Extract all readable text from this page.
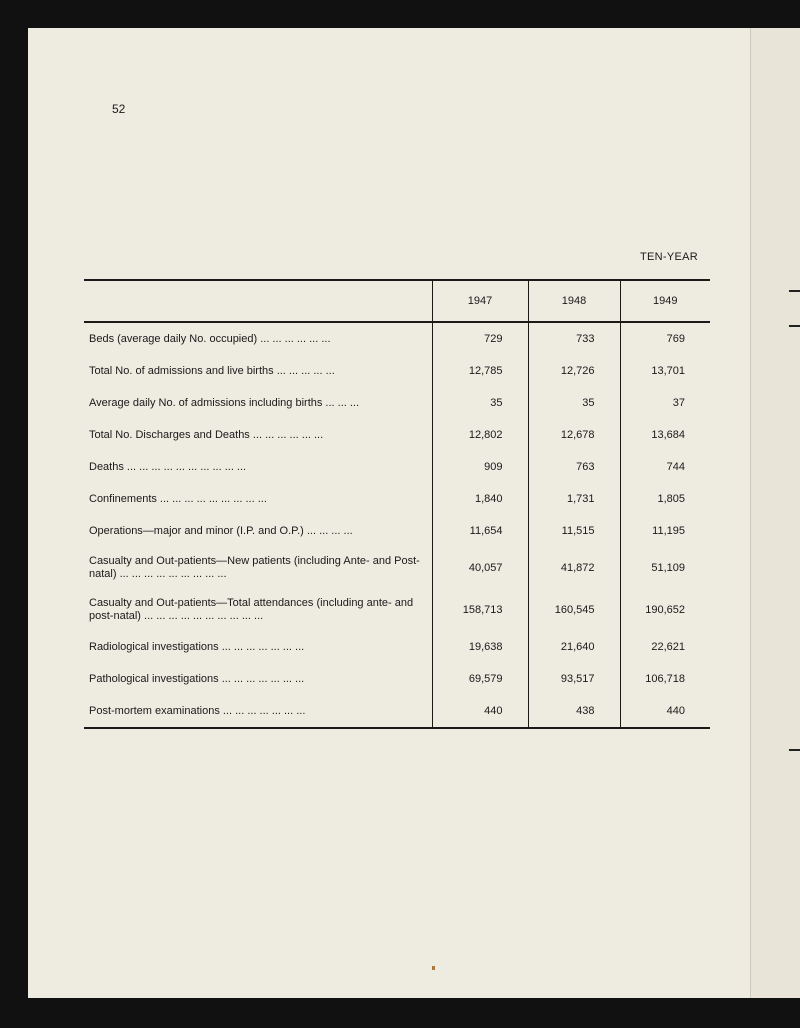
52
TEN-YEAR
	1947	1948	1949
Beds (average daily No. occupied) ... ... ... ... ... ...	729	733	769
Total No. of admissions and live births ... ... ... ... ...	12,785	12,726	13,701
Average daily No. of admissions including births ... ... ...	35	35	37
Total No. Discharges and Deaths ... ... ... ... ... ...	12,802	12,678	13,684
Deaths ... ... ... ... ... ... ... ... ... ...	909	763	744
Confinements ... ... ... ... ... ... ... ... ...	1,840	1,731	1,805
Operations—major and minor (I.P. and O.P.) ... ... ... ...	11,654	11,515	11,195
Casualty and Out-patients—New patients (including Ante- and Post-natal) ... ... ... ... ... ... ... ... ...	40,057	41,872	51,109
Casualty and Out-patients—Total attendances (including ante- and post-natal) ... ... ... ... ... ... ... ... ... ...	158,713	160,545	190,652
Radiological investigations ... ... ... ... ... ... ...	19,638	21,640	22,621
Pathological investigations ... ... ... ... ... ... ...	69,579	93,517	106,718
Post-mortem examinations ... ... ... ... ... ... ...	440	438	440
